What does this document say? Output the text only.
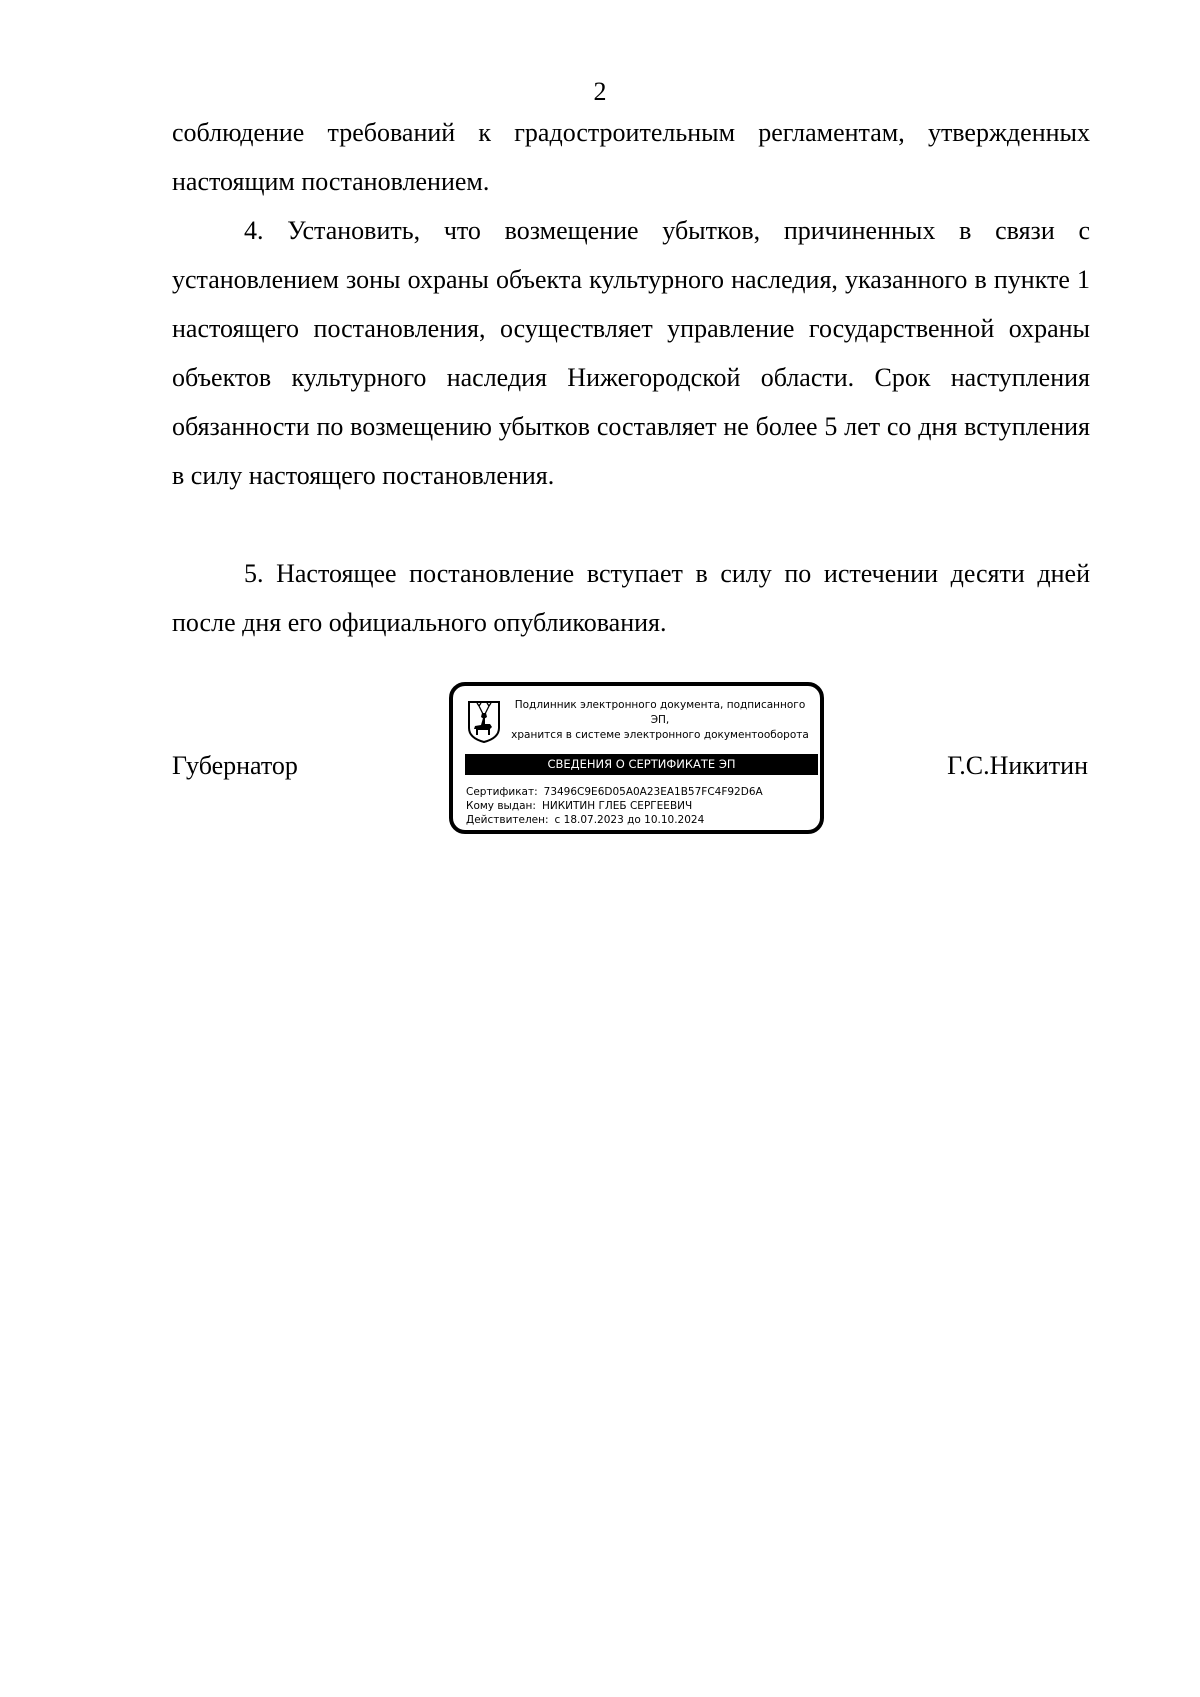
2

соблюдение требований к градостроительным регламентам, утвержденных настоящим постановлением.

4. Установить, что возмещение убытков, причиненных в связи с установлением зоны охраны объекта культурного наследия, указанного в пункте 1 настоящего постановления, осуществляет управление государственной охраны объектов культурного наследия Нижегородской области. Срок наступления обязанности по возмещению убытков составляет не более 5 лет со дня вступления в силу настоящего постановления.

5. Настоящее постановление вступает в силу по истечении десяти дней после дня его официального опубликования.

Губернатор	Г.С.Никитин
Подлинник электронного документа, подписанного ЭП,
хранится в системе электронного документооборота
СВЕДЕНИЯ О СЕРТИФИКАТЕ ЭП
Сертификат: 73496C9E6D05A0A23EA1B57FC4F92D6A
Кому выдан: НИКИТИН ГЛЕБ СЕРГЕЕВИЧ
Действителен: с 18.07.2023 до 10.10.2024
